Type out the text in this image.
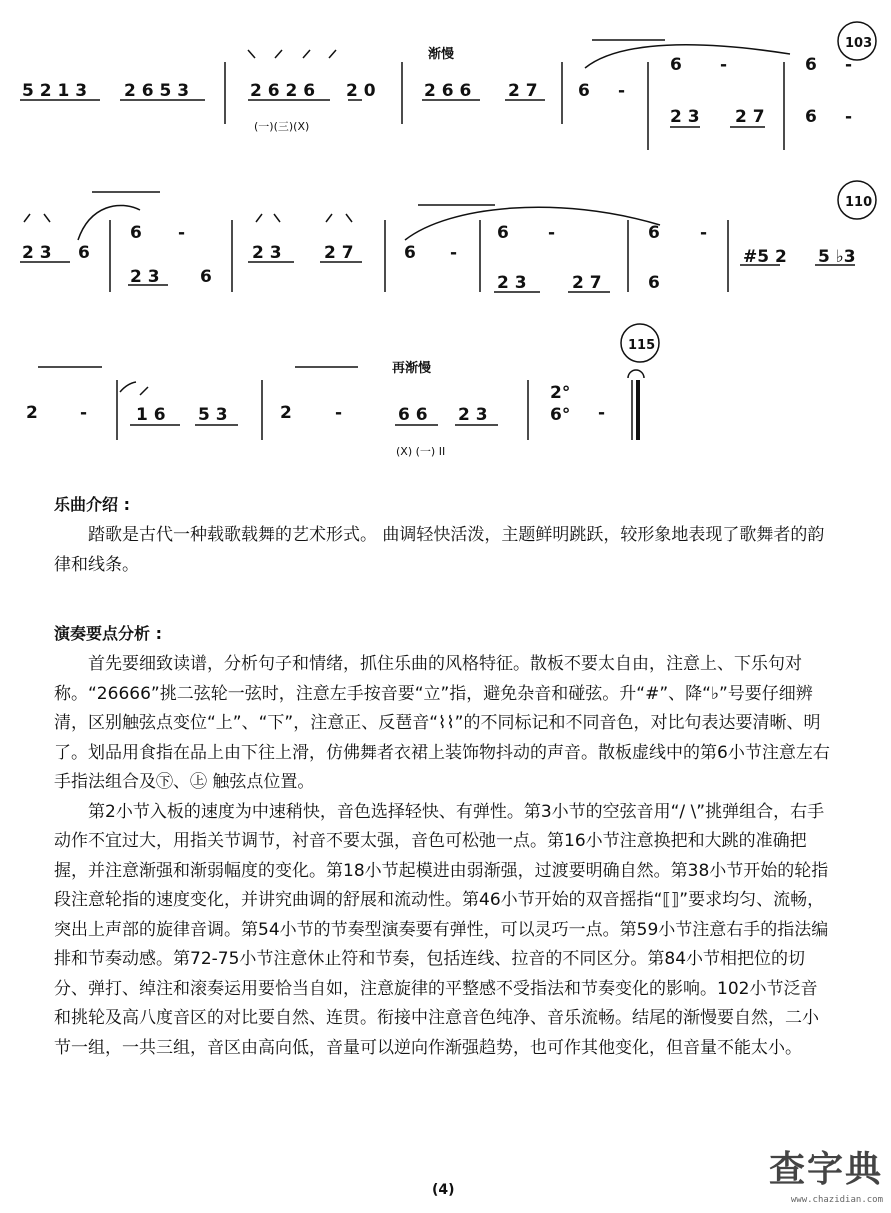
5 2 1 3 2 6 5 3	2 6 2 6 2 0	2 6 6 2 7 6 -
6 -	6 -
2 3 2 7 6 -
2 3 6
6 -
2 3 6
2 3 2 7	6 -
6 -
2 3	2 7
6 -
6
#5 2 5 ♭3
2 -	1 6 5 3	2	-	6 6 2 3
2°
6° -
(一)(三)(X)
(X) (一) II
渐慢
再渐慢
103
110
115
乐曲介绍 :

踏歌是古代一种载歌载舞的艺术形式。 曲调轻快活泼，主题鲜明跳跃，较形象地表现了歌舞者的韵律和线条。

演奏要点分析 :

首先要细致读谱，分析句子和情绪，抓住乐曲的风格特征。散板不要太自由，注意上、下乐句对称。“26666”挑二弦轮一弦时，注意左手按音要“立”指，避免杂音和碰弦。升“#”、降“♭”号要仔细辨清，区别触弦点变位“上”、“下”，注意正、反琶音“⌇⌇”的不同标记和不同音色，对比句表达要清晰、明了。划品用食指在品上由下往上滑，仿佛舞者衣裙上装饰物抖动的声音。散板虚线中的第6小节注意左右手指法组合及㊦、㊤ 触弦点位置。

第2小节入板的速度为中速稍快，音色选择轻快、有弹性。第3小节的空弦音用“/ \”挑弹组合，右手动作不宜过大，用指关节调节，衬音不要太强，音色可松弛一点。第16小节注意换把和大跳的准确把握，并注意渐强和渐弱幅度的变化。第18小节起模进由弱渐强，过渡要明确自然。第38小节开始的轮指段注意轮指的速度变化，并讲究曲调的舒展和流动性。第46小节开始的双音摇指“⟦⟧”要求均匀、流畅，突出上声部的旋律音调。第54小节的节奏型演奏要有弹性，可以灵巧一点。第59小节注意右手的指法编排和节奏动感。第72-75小节注意休止符和节奏，包括连线、拉音的不同区分。第84小节相把位的切分、弹打、绰注和滚奏运用要恰当自如，注意旋律的平整感不受指法和节奏变化的影响。102小节泛音和挑轮及高八度音区的对比要自然、连贯。衔接中注意音色纯净、音乐流畅。结尾的渐慢要自然，二小节一组，一共三组，音区由高向低，音量可以逆向作渐强趋势，也可作其他变化，但音量不能太小。

(4)	查字典
www.chazidian.com
